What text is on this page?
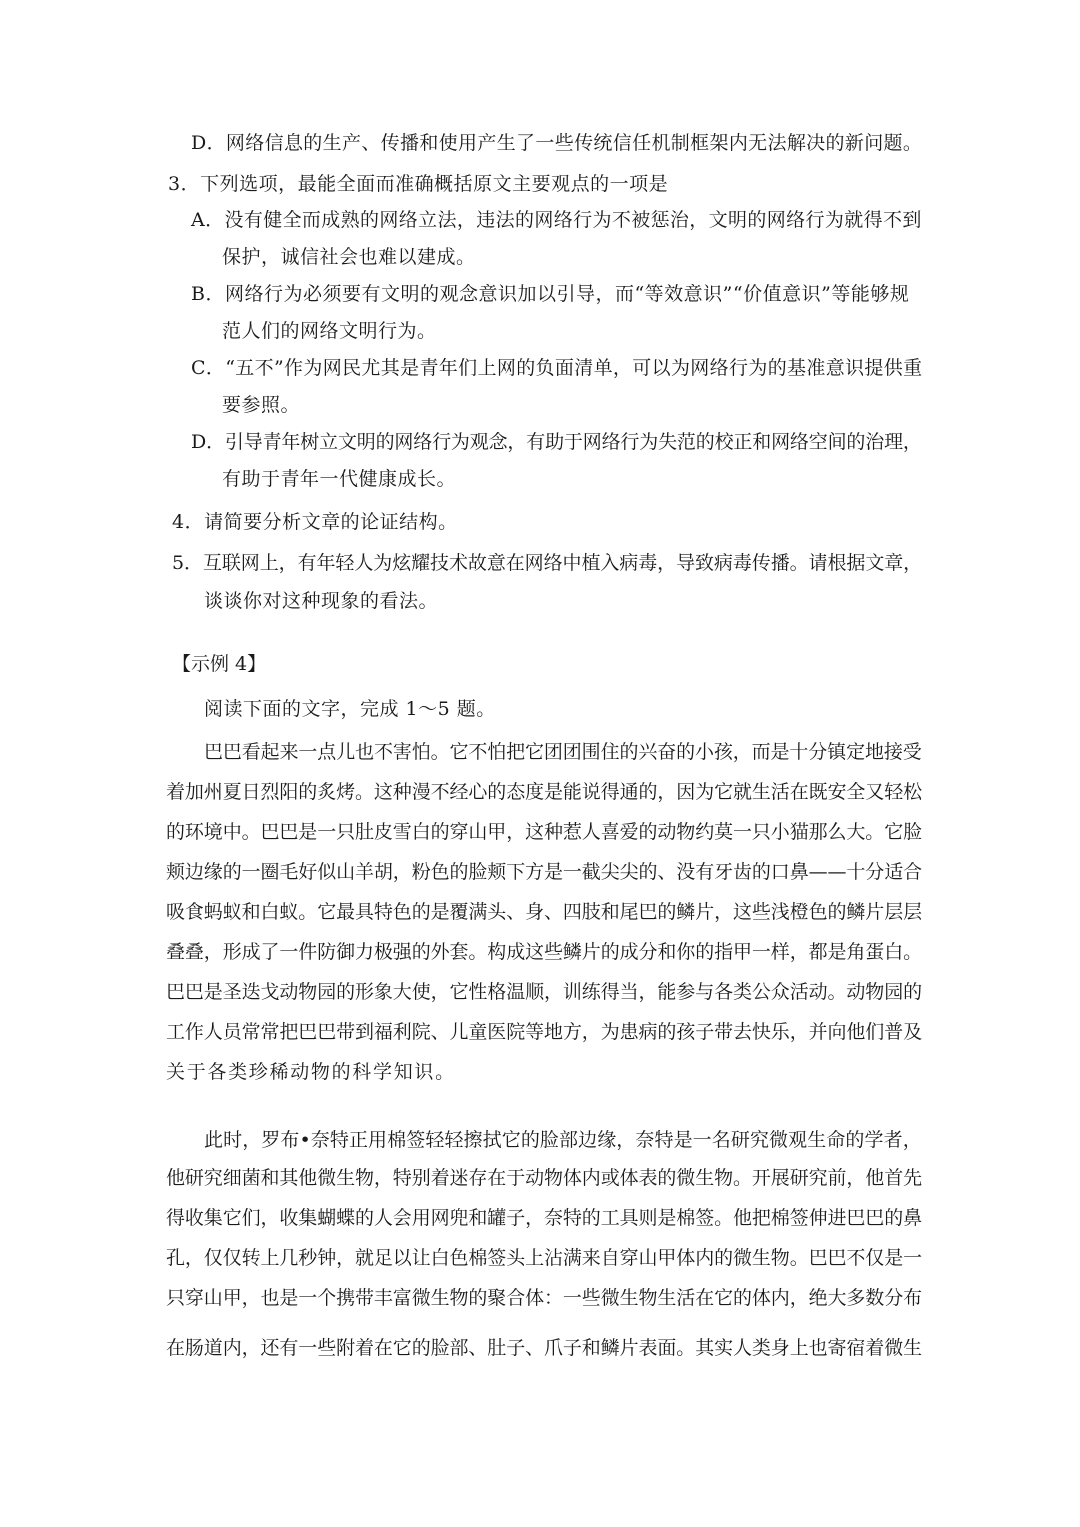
D．网络信息的生产、传播和使用产生了一些传统信任机制框架内无法解决的新问题。
3．下列选项，最能全面而准确概括原文主要观点的一项是
A．没有健全而成熟的网络立法，违法的网络行为不被惩治，文明的网络行为就得不到
保护，诚信社会也难以建成。
B．网络行为必须要有文明的观念意识加以引导，而“等效意识”“价值意识”等能够规
范人们的网络文明行为。
C．“五不”作为网民尤其是青年们上网的负面清单，可以为网络行为的基准意识提供重
要参照。
D．引导青年树立文明的网络行为观念，有助于网络行为失范的校正和网络空间的治理，
有助于青年一代健康成长。
4．请简要分析文章的论证结构。
5．互联网上，有年轻人为炫耀技术故意在网络中植入病毒，导致病毒传播。请根据文章，
谈谈你对这种现象的看法。
【示例 4】
阅读下面的文字，完成 1～5 题。
巴巴看起来一点儿也不害怕。它不怕把它团团围住的兴奋的小孩，而是十分镇定地接受
着加州夏日烈阳的炙烤。这种漫不经心的态度是能说得通的，因为它就生活在既安全又轻松
的环境中。巴巴是一只肚皮雪白的穿山甲，这种惹人喜爱的动物约莫一只小猫那么大。它脸
颊边缘的一圈毛好似山羊胡，粉色的脸颊下方是一截尖尖的、没有牙齿的口鼻——十分适合
吸食蚂蚁和白蚁。它最具特色的是覆满头、身、四肢和尾巴的鳞片，这些浅橙色的鳞片层层
叠叠，形成了一件防御力极强的外套。构成这些鳞片的成分和你的指甲一样，都是角蛋白。
巴巴是圣迭戈动物园的形象大使，它性格温顺，训练得当，能参与各类公众活动。动物园的
工作人员常常把巴巴带到福利院、儿童医院等地方，为患病的孩子带去快乐，并向他们普及
关于各类珍稀动物的科学知识。
此时，罗布•奈特正用棉签轻轻擦拭它的脸部边缘，奈特是一名研究微观生命的学者，
他研究细菌和其他微生物，特别着迷存在于动物体内或体表的微生物。开展研究前，他首先
得收集它们，收集蝴蝶的人会用网兜和罐子，奈特的工具则是棉签。他把棉签伸进巴巴的鼻
孔，仅仅转上几秒钟，就足以让白色棉签头上沾满来自穿山甲体内的微生物。巴巴不仅是一
只穿山甲，也是一个携带丰富微生物的聚合体：一些微生物生活在它的体内，绝大多数分布
在肠道内，还有一些附着在它的脸部、肚子、爪子和鳞片表面。其实人类身上也寄宿着微生
